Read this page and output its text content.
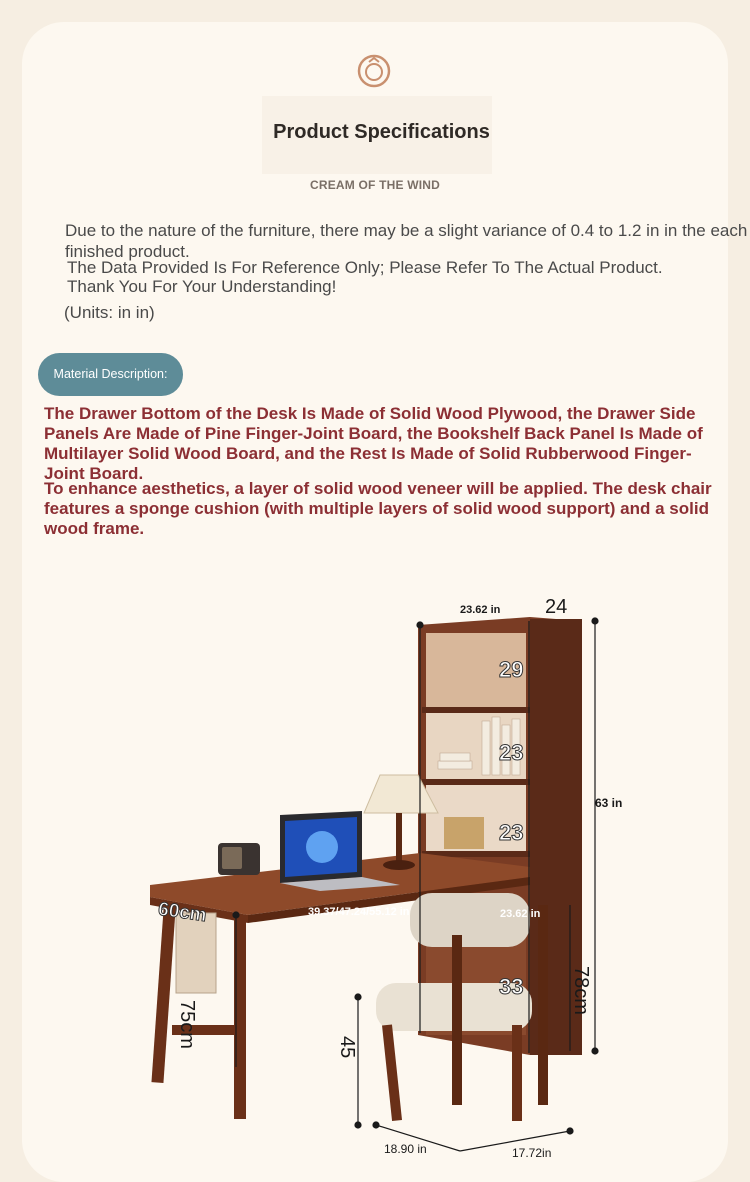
Product Specifications
CREAM OF THE WIND
Due to the nature of the furniture, there may be a slight variance of 0.4 to 1.2 in in the each finished product.
The Data Provided Is For Reference Only; Please Refer To The Actual Product.
Thank You For Your Understanding!
(Units: in in)
Material Description:
The Drawer Bottom of the Desk Is Made of Solid Wood Plywood, the Drawer Side Panels Are Made of Pine Finger-Joint Board, the Bookshelf Back Panel Is Made of Multilayer Solid Wood Board, and the Rest Is Made of Solid Rubberwood Finger-Joint Board.
To enhance aesthetics, a layer of solid wood veneer will be applied. The desk chair features a sponge cushion (with multiple layers of solid wood support) and a solid wood frame.
23.62 in 24
29
23
23
63 in
60cm	39.37/47.24/55.12 in	23.62 in
75cm
33 78cm
45
18.90 in	17.72in
